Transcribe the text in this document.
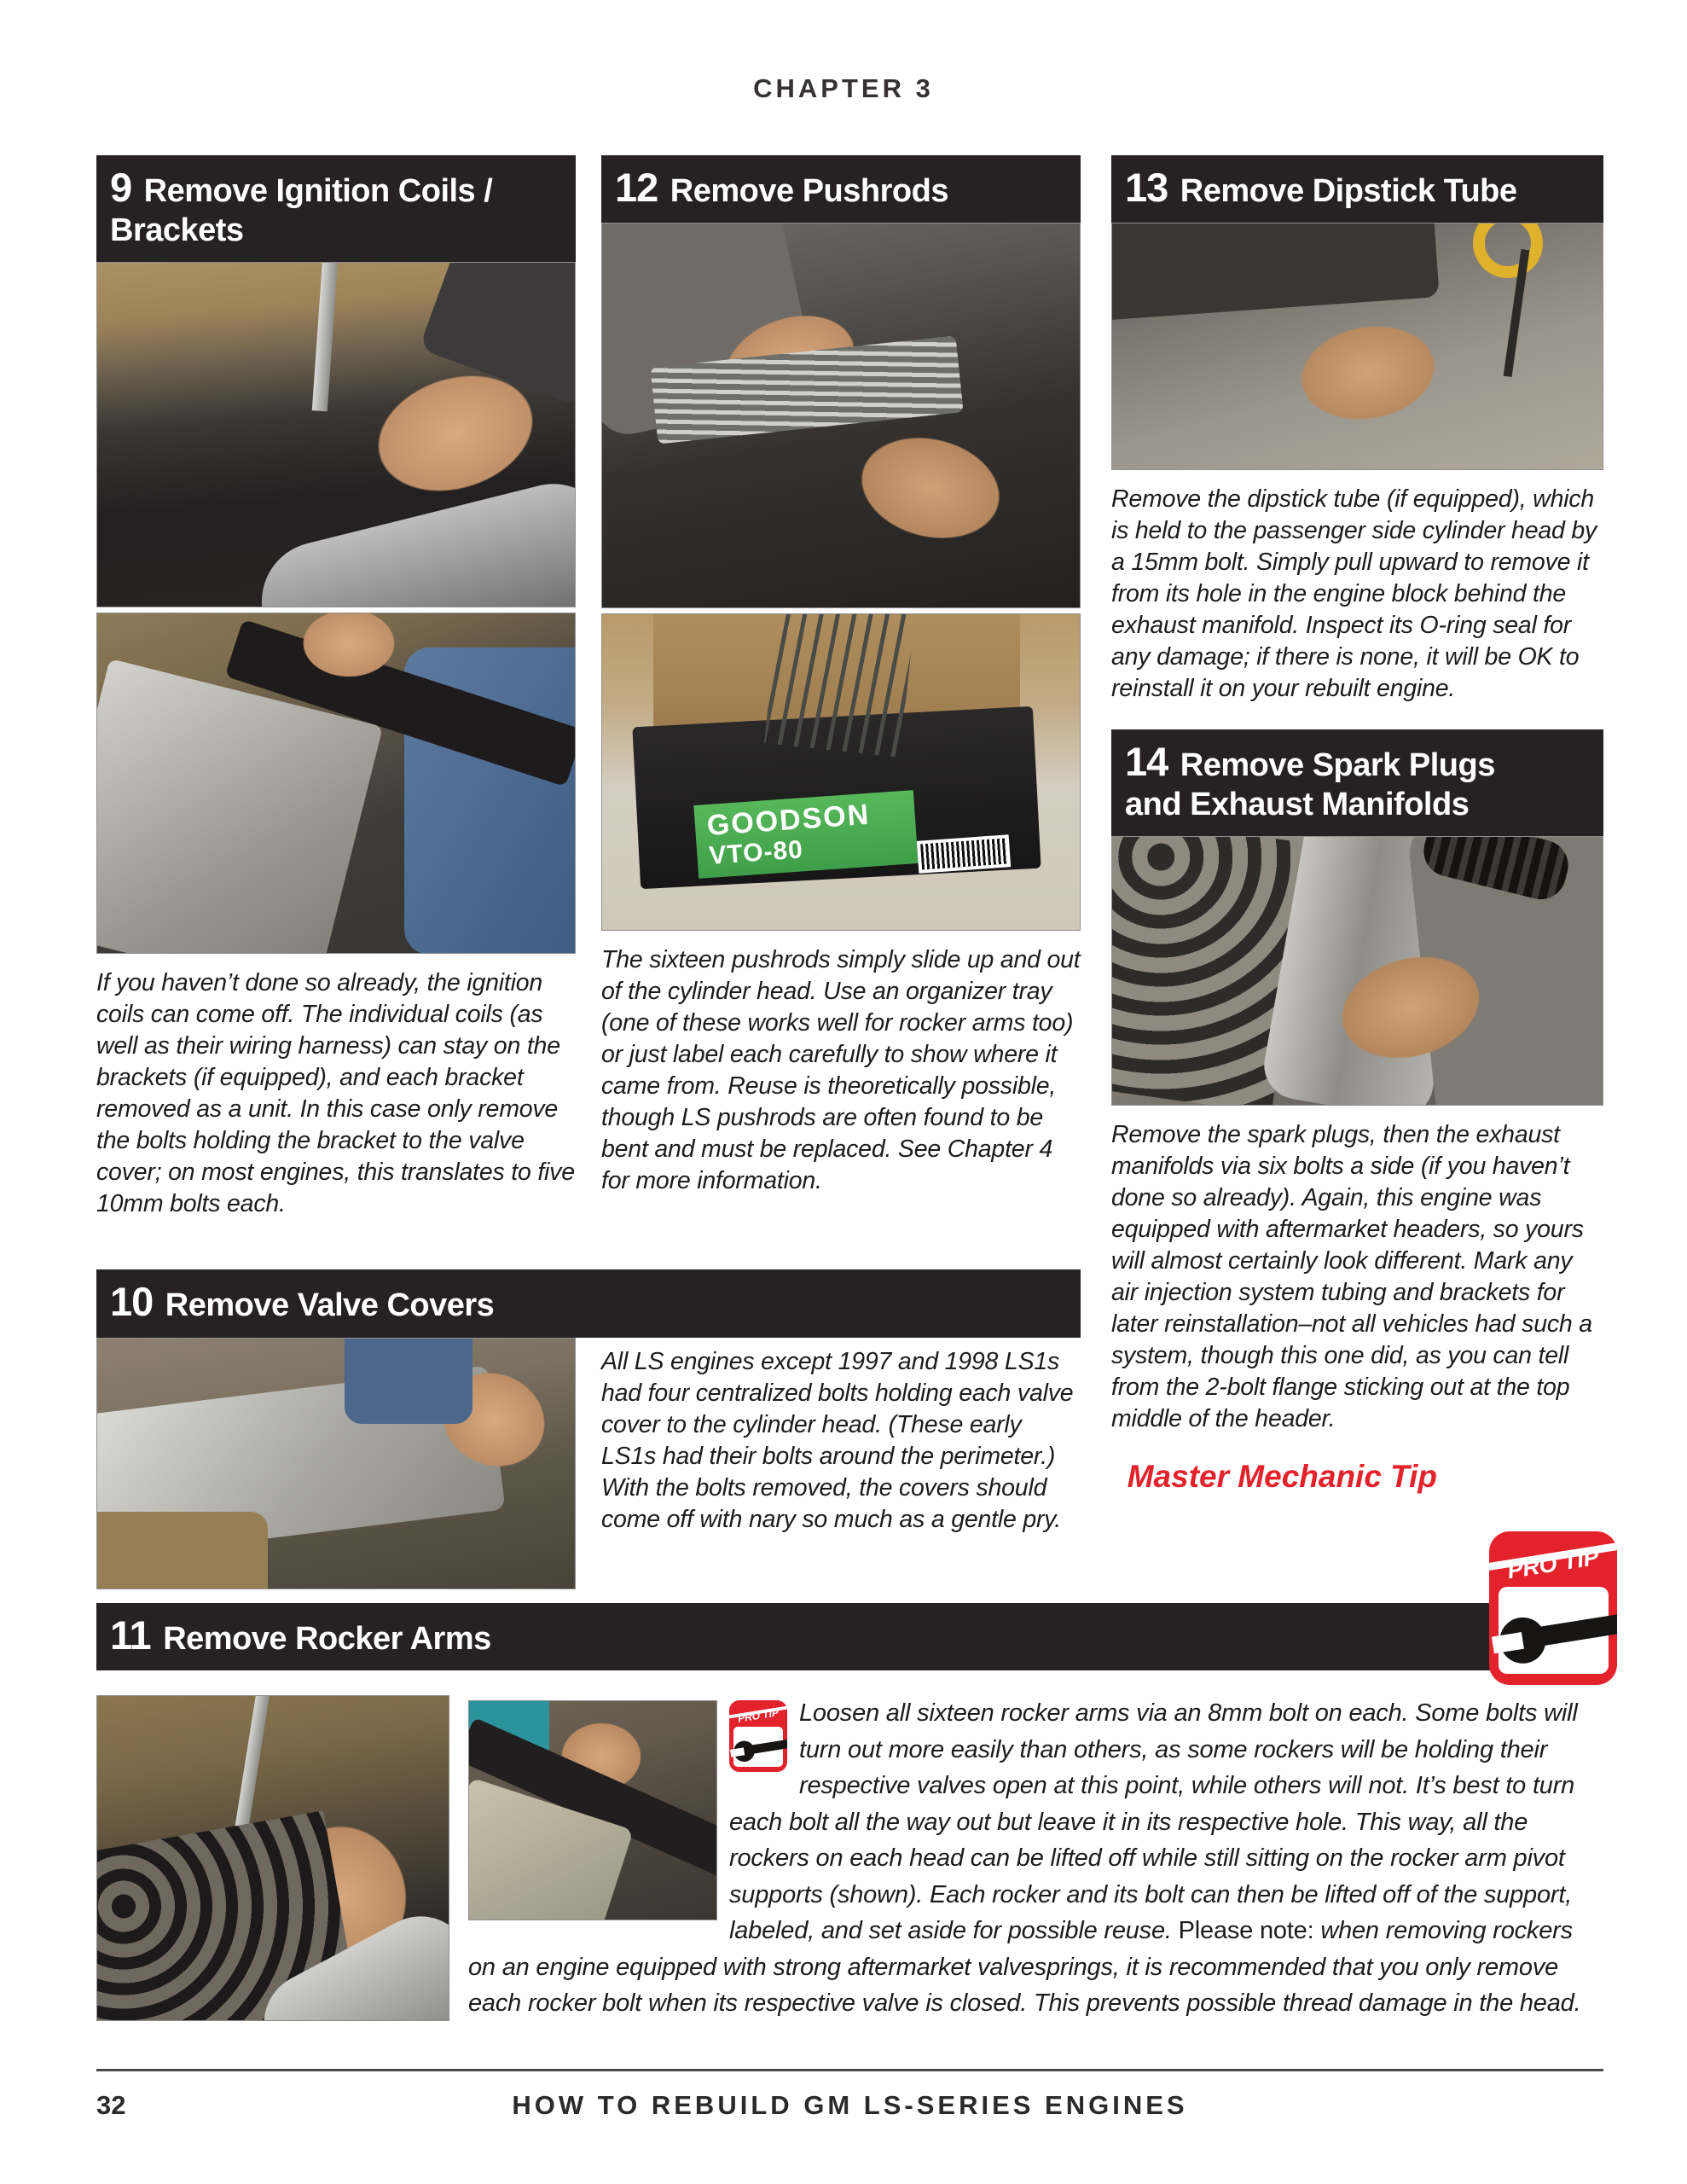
CHAPTER 3
9 Remove Ignition Coils / Brackets

If you haven’t done so already, the ignition coils can come off. The individual coils (as well as their wiring harness) can stay on the brackets (if equipped), and each bracket removed as a unit. In this case only remove the bolts holding the bracket to the valve cover; on most engines, this translates to five 10mm bolts each.

12 Remove Pushrods
GOODSON
VTO-80

The sixteen pushrods simply slide up and out of the cylinder head. Use an organizer tray (one of these works well for rocker arms too) or just label each carefully to show where it came from. Reuse is theoretically possible, though LS pushrods are often found to be bent and must be replaced. See Chapter 4 for more information.

10 Remove Valve Covers

All LS engines except 1997 and 1998 LS1s had four centralized bolts holding each valve cover to the cylinder head. (These early LS1s had their bolts around the perimeter.) With the bolts removed, the covers should come off with nary so much as a gentle pry.

13 Remove Dipstick Tube

Remove the dipstick tube (if equipped), which is held to the passenger side cylinder head by a 15mm bolt. Simply pull upward to remove it from its hole in the engine block behind the exhaust manifold. Inspect its O-ring seal for any damage; if there is none, it will be OK to reinstall it on your rebuilt engine.

14 Remove Spark Plugs and Exhaust Manifolds

Remove the spark plugs, then the exhaust manifolds via six bolts a side (if you haven’t done so already). Again, this engine was equipped with aftermarket headers, so yours will almost certainly look different. Mark any air injection system tubing and brackets for later reinstallation–not all vehicles had such a system, though this one did, as you can tell from the 2-bolt flange sticking out at the top middle of the header.

Master Mechanic Tip
PRO TIP
11 Remove Rocker Arms
PRO TIP Loosen all sixteen rocker arms via an 8mm bolt on each. Some bolts will turn out more easily than others, as some rockers will be holding their respective valves open at this point, while others will not. It’s best to turn each bolt all the way out but leave it in its respective hole. This way, all the rockers on each head can be lifted off while still sitting on the rocker arm pivot supports (shown). Each rocker and its bolt can then be lifted off of the support, labeled, and set aside for possible reuse. Please note: when removing rockers on an engine equipped with strong aftermarket valvesprings, it is recommended that you only remove each rocker bolt when its respective valve is closed. This prevents possible thread damage in the head.

32	HOW TO REBUILD GM LS-SERIES ENGINES
